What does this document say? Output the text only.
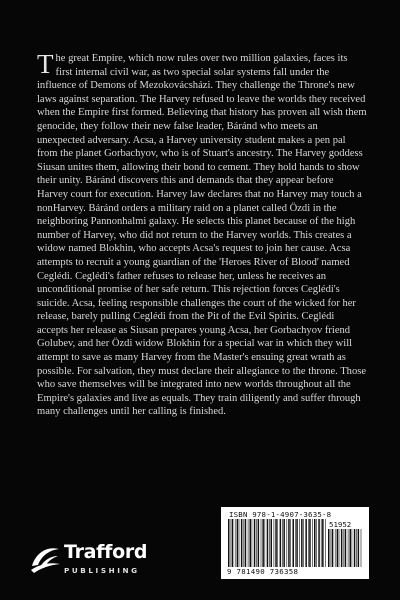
The great Empire, which now rules over two million galaxies, faces its first internal civil war, as two special solar systems fall under the influence of Demons of Mezokovácsházi. They challenge the Throne's new laws against separation. The Harvey refused to leave the worlds they received when the Empire first formed. Believing that history has proven all wish them genocide, they follow their new false leader, Báránd who meets an unexpected adversary. Acsa, a Harvey university student makes a pen pal from the planet Gorbachyov, who is of Stuart's ancestry. The Harvey goddess Siusan unites them, allowing their bond to cement. They hold hands to show their unity. Báránd discovers this and demands that they appear before Harvey court for execution. Harvey law declares that no Harvey may touch a nonHarvey. Báránd orders a military raid on a planet called Özdi in the neighboring Pannonhalmi galaxy. He selects this planet because of the high number of Harvey, who did not return to the Harvey worlds. This creates a widow named Blokhin, who accepts Acsa's request to join her cause. Acsa attempts to recruit a young guardian of the 'Heroes River of Blood' named Ceglédi. Ceglédi's father refuses to release her, unless he receives an unconditional promise of her safe return. This rejection forces Ceglédi's suicide. Acsa, feeling responsible challenges the court of the wicked for her release, barely pulling Ceglédi from the Pit of the Evil Spirits. Ceglédi accepts her release as Siusan prepares young Acsa, her Gorbachyov friend Golubev, and her Özdi widow Blokhin for a special war in which they will attempt to save as many Harvey from the Master's ensuing great wrath as possible. For salvation, they must declare their allegiance to the throne. Those who save themselves will be integrated into new worlds throughout all the Empire's galaxies and live as equals. They train diligently and suffer through many challenges until her calling is finished.

Trafford
PUBLISHING
ISBN 978-1-4907-3635-8
51952
9 781490 736358
